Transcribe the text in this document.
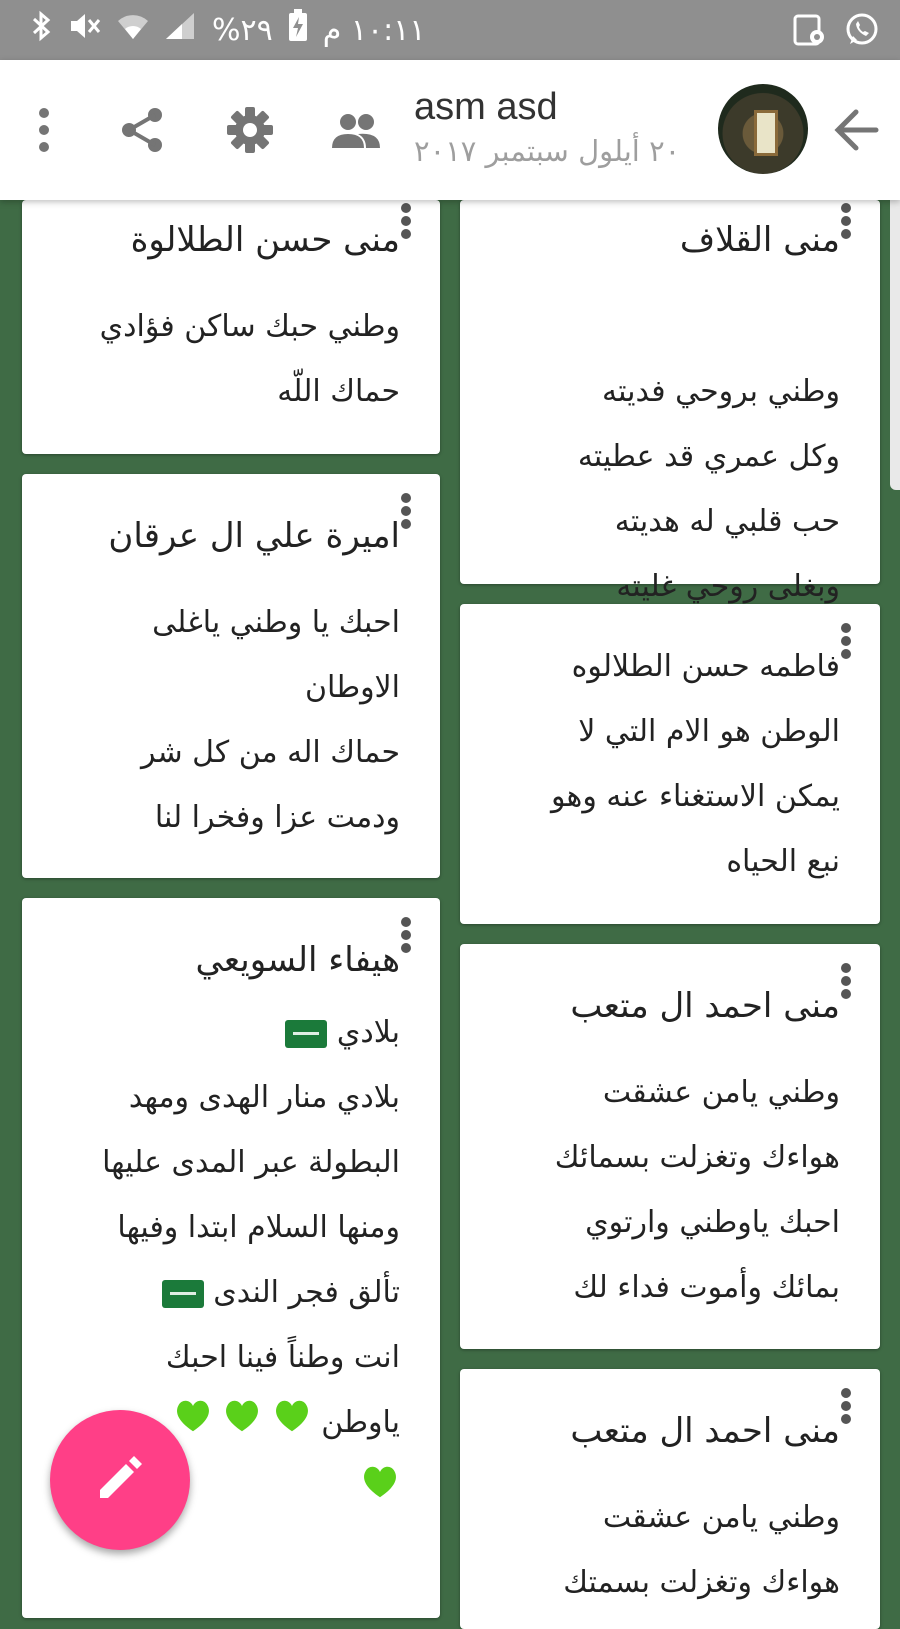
١٠:١١ م
٢٩%
asm asd
٢٠ أيلول سبتمبر ٢٠١٧

منى القلاف

وطني بروحي فديته
وكل عمري قد عطيته
حب قلبي له هديته
وبغلى روحي غليته

فاطمه حسن الطلالوه
الوطن هو الام التي لا
يمكن الاستغناء عنه وهو
نبع الحياه

منى احمد ال متعب

وطني يامن عشقت
هواءك وتغزلت بسمائك
احبك ياوطني وارتوي
بمائك وأموت فداء لك

منى احمد ال متعب

وطني يامن عشقت
هواءك وتغزلت بسمتك

منى حسن الطلالوة

وطني حبك ساكن فؤادي
حماك اللّه

اميرة علي ال عرقان

احبك يا وطني ياغلى
الاوطان
حماك اله من كل شر
ودمت عزا وفخرا لنا

هيفاء السويعي

بلادي
بلادي منار الهدى ومهد
البطولة عبر المدى عليها
ومنها السلام ابتدا وفيها
تألق فجر الندى
انت وطناً فينا احبك
ياوطن
